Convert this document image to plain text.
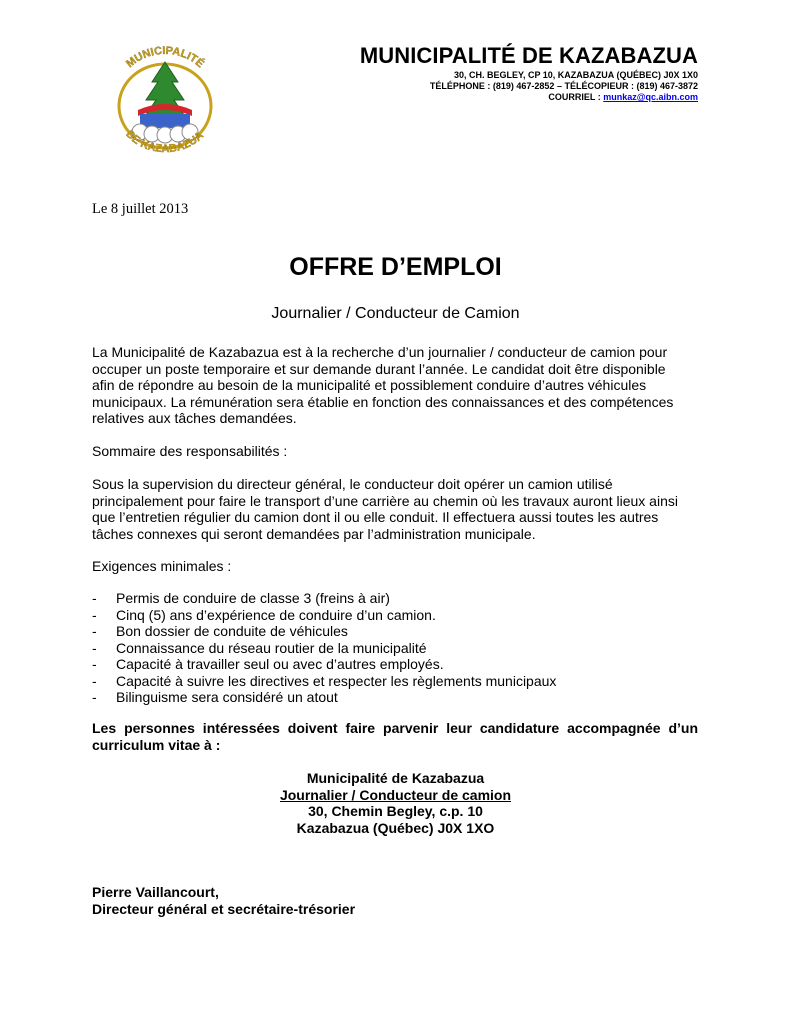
MUNICIPALITÉ
DE KAZABAZUA
MUNICIPALITÉ DE KAZABAZUA
30, CH. BEGLEY, CP 10, KAZABAZUA (QUÉBEC) J0X 1X0
TÉLÉPHONE : (819) 467-2852 – TÉLÉCOPIEUR : (819) 467-3872
COURRIEL : munkaz@qc.aibn.com
Le 8 juillet 2013
OFFRE D’EMPLOI
Journalier / Conducteur de Camion
La Municipalité de Kazabazua est à la recherche d’un journalier / conducteur de camion pour
occuper un poste temporaire et sur demande durant l’année. Le candidat doit être disponible
afin de répondre au besoin de la municipalité et possiblement conduire d’autres véhicules
municipaux. La rémunération sera établie en fonction des connaissances et des compétences
relatives aux tâches demandées.
Sommaire des responsabilités :
Sous la supervision du directeur général, le conducteur doit opérer un camion utilisé
principalement pour faire le transport d’une carrière au chemin où les travaux auront lieux ainsi
que l’entretien régulier du camion dont il ou elle conduit. Il effectuera aussi toutes les autres
tâches connexes qui seront demandées par l’administration municipale.
Exigences minimales :
- Permis de conduire de classe 3 (freins à air)
- Cinq (5) ans d’expérience de conduire d’un camion.
- Bon dossier de conduite de véhicules
- Connaissance du réseau routier de la municipalité
- Capacité à travailler seul ou avec d’autres employés.
- Capacité à suivre les directives et respecter les règlements municipaux
- Bilinguisme sera considéré un atout
Les personnes intéressées doivent faire parvenir leur candidature accompagnée d’un curriculum vitae à :
Municipalité de Kazabazua
Journalier / Conducteur de camion
30, Chemin Begley, c.p. 10
Kazabazua (Québec) J0X 1XO
Pierre Vaillancourt,
Directeur général et secrétaire-trésorier
